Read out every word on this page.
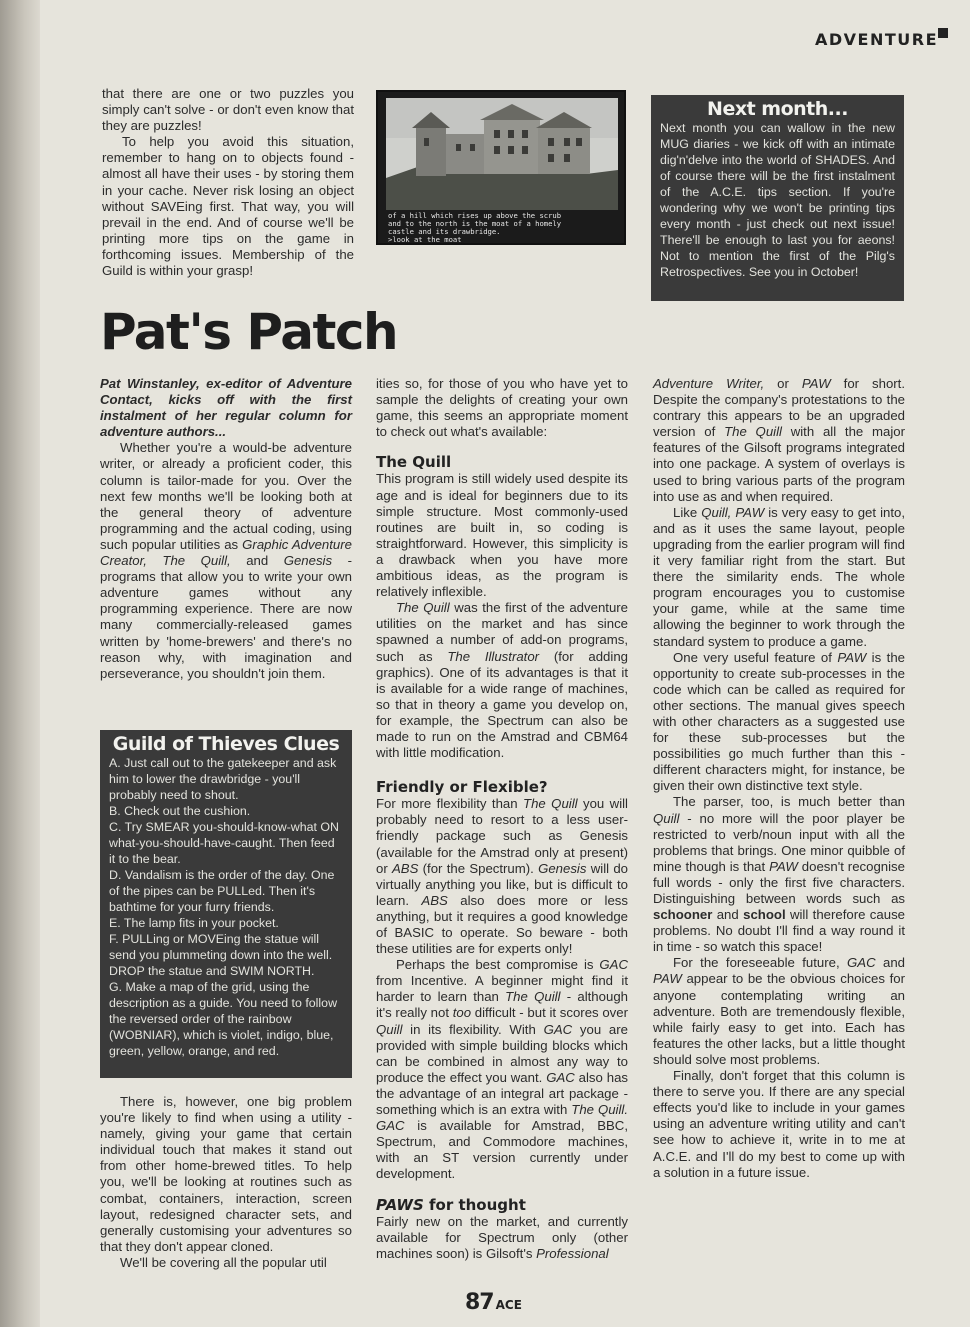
ADVENTURE

that there are one or two puzzles you simply can't solve - or don't even know that they are puzzles!

To help you avoid this situation, remember to hang on to objects found - almost all have their uses - by storing them in your cache. Never risk losing an object without SAVEing first. That way, you will prevail in the end. And of course we'll be printing more tips on the game in forthcoming issues. Membership of the Guild is within your grasp!

of a hill which rises up above the scrub
and to the north is the moat of a homely
castle and its drawbridge.
>look at the moat
Next month...
Next month you can wallow in the new MUG diaries - we kick off with an intimate dig'n'delve into the world of SHADES. And of course there will be the first instalment of the A.C.E. tips section. If you're wondering why we won't be printing tips every month - just check out next issue! There'll be enough to last you for aeons! Not to mention the first of the Pilg's Retrospectives. See you in October!
Pat's Patch

Pat Winstanley, ex-editor of Adventure Contact, kicks off with the first instalment of her regular column for adventure authors...

Whether you're a would-be adventure writer, or already a proficient coder, this column is tailor-made for you. Over the next few months we'll be looking both at the general theory of adventure programming and the actual coding, using such popular utilities as Graphic Adventure Creator, The Quill, and Genesis - programs that allow you to write your own adventure games without any programming experience. There are now many commercially-released games written by 'home-brewers' and there's no reason why, with imagination and perseverance, you shouldn't join them.

Guild of Thieves Clues

A. Just call out to the gatekeeper and ask him to lower the drawbridge - you'll probably need to shout.

B. Check out the cushion.

C. Try SMEAR you-should-know-what ON what-you-should-have-caught. Then feed it to the bear.

D. Vandalism is the order of the day. One of the pipes can be PULLed. Then it's bathtime for your furry friends.

E. The lamp fits in your pocket.

F. PULLing or MOVEing the statue will send you plummeting down into the well. DROP the statue and SWIM NORTH.

G. Make a map of the grid, using the description as a guide. You need to follow the reversed order of the rainbow (WOBNIAR), which is violet, indigo, blue, green, yellow, orange, and red.

There is, however, one big problem you're likely to find when using a utility - namely, giving your game that certain individual touch that makes it stand out from other home-brewed titles. To help you, we'll be looking at routines such as combat, containers, interaction, screen layout, redesigned character sets, and generally customising your adventures so that they don't appear cloned.

We'll be covering all the popular util

ities so, for those of you who have yet to sample the delights of creating your own game, this seems an appropriate moment to check out what's available:

The Quill

This program is still widely used despite its age and is ideal for beginners due to its simple structure. Most commonly-used routines are built in, so coding is straightforward. However, this simplicity is a drawback when you have more ambitious ideas, as the program is relatively inflexible.

The Quill was the first of the adventure utilities on the market and has since spawned a number of add-on programs, such as The Illustrator (for adding graphics). One of its advantages is that it is available for a wide range of machines, so that in theory a game you develop on, for example, the Spectrum can also be made to run on the Amstrad and CBM64 with little modification.

Friendly or Flexible?

For more flexibility than The Quill you will probably need to resort to a less user-friendly package such as Genesis (available for the Amstrad only at present) or ABS (for the Spectrum). Genesis will do virtually anything you like, but is difficult to learn. ABS also does more or less anything, but it requires a good knowledge of BASIC to operate. So beware - both these utilities are for experts only!

Perhaps the best compromise is GAC from Incentive. A beginner might find it harder to learn than The Quill - although it's really not too difficult - but it scores over Quill in its flexibility. With GAC you are provided with simple building blocks which can be combined in almost any way to produce the effect you want. GAC also has the advantage of an integral art package - something which is an extra with The Quill. GAC is available for Amstrad, BBC, Spectrum, and Commodore machines, with an ST version currently under development.

PAWS for thought

Fairly new on the market, and currently available for Spectrum only (other machines soon) is Gilsoft's Professional

Adventure Writer, or PAW for short. Despite the company's protestations to the contrary this appears to be an upgraded version of The Quill with all the major features of the Gilsoft programs integrated into one package. A system of overlays is used to bring various parts of the program into use as and when required.

Like Quill, PAW is very easy to get into, and as it uses the same layout, people upgrading from the earlier program will find it very familiar right from the start. But there the similarity ends. The whole program encourages you to customise your game, while at the same time allowing the beginner to work through the standard system to produce a game.

One very useful feature of PAW is the opportunity to create sub-processes in the code which can be called as required for other sections. The manual gives speech with other characters as a suggested use for these sub-processes but the possibilities go much further than this - different characters might, for instance, be given their own distinctive text style.

The parser, too, is much better than Quill - no more will the poor player be restricted to verb/noun input with all the problems that brings. One minor quibble of mine though is that PAW doesn't recognise full words - only the first five characters. Distinguishing between words such as schooner and school will therefore cause problems. No doubt I'll find a way round it in time - so watch this space!

For the foreseeable future, GAC and PAW appear to be the obvious choices for anyone contemplating writing an adventure. Both are tremendously flexible, while fairly easy to get into. Each has features the other lacks, but a little thought should solve most problems.

Finally, don't forget that this column is there to serve you. If there are any special effects you'd like to include in your games using an adventure writing utility and can't see how to achieve it, write in to me at A.C.E. and I'll do my best to come up with a solution in a future issue.

87 ACE
